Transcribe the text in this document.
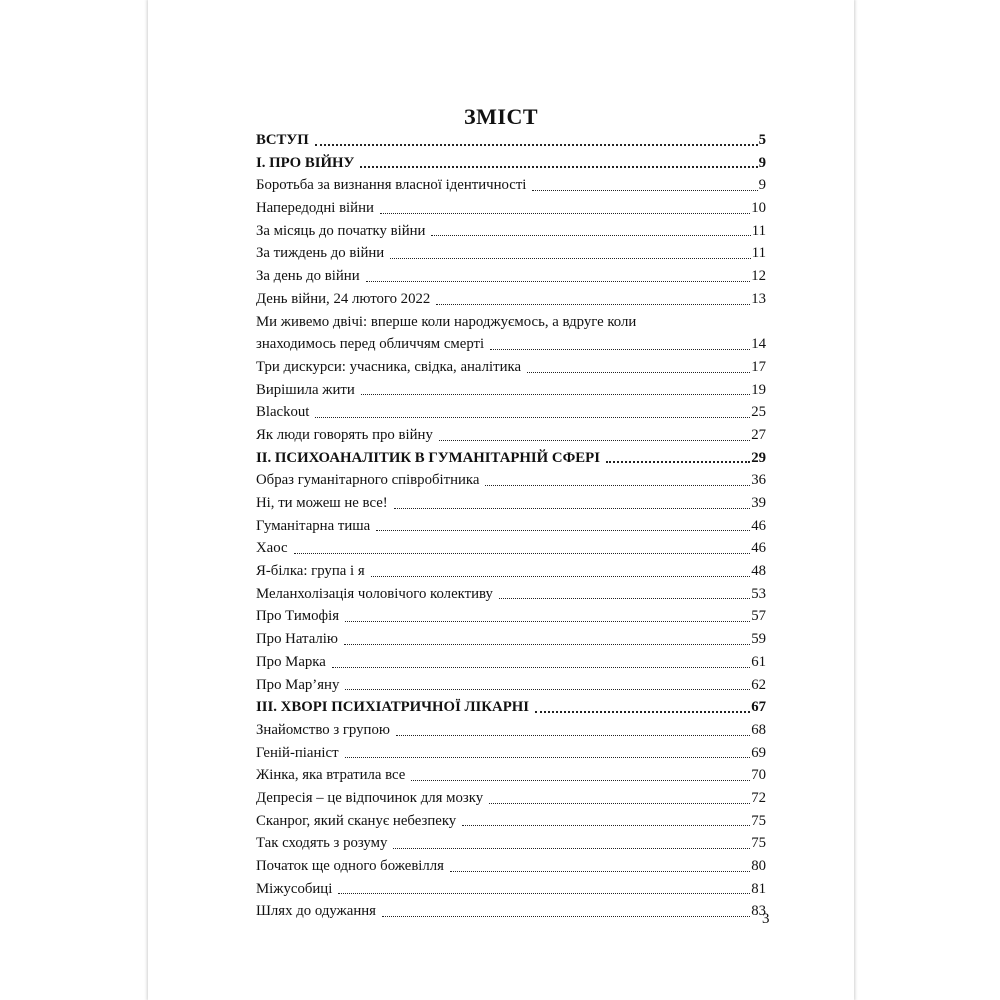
ЗМІСТ
ВСТУП	5
I. ПРО ВІЙНУ	9
Боротьба за визнання власної ідентичності	9
Напередодні війни	10
За місяць до початку війни	11
За тиждень до війни	11
За день до війни	12
День війни, 24 лютого 2022	13
Ми живемо двічі: вперше коли народжуємось, а вдруге коли
знаходимось перед обличчям смерті	14
Три дискурси: учасника, свідка, аналітика	17
Вирішила жити	19
Blackout	25
Як люди говорять про війну	27
II. ПСИХОАНАЛІТИК В ГУМАНІТАРНІЙ СФЕРІ	29
Образ гуманітарного співробітника	36
Ні, ти можеш не все!	39
Гуманітарна тиша	46
Хаос	46
Я-білка: група і я	48
Меланхолізація чоловічого колективу	53
Про Тимофія	57
Про Наталію	59
Про Марка	61
Про Мар’яну	62
III. ХВОРІ ПСИХІАТРИЧНОЇ ЛІКАРНІ	67
Знайомство з групою	68
Геній-піаніст	69
Жінка, яка втратила все	70
Депресія – це відпочинок для мозку	72
Сканрог, який сканує небезпеку	75
Так сходять з розуму	75
Початок ще одного божевілля	80
Міжусобиці	81
Шлях до одужання	83
3
